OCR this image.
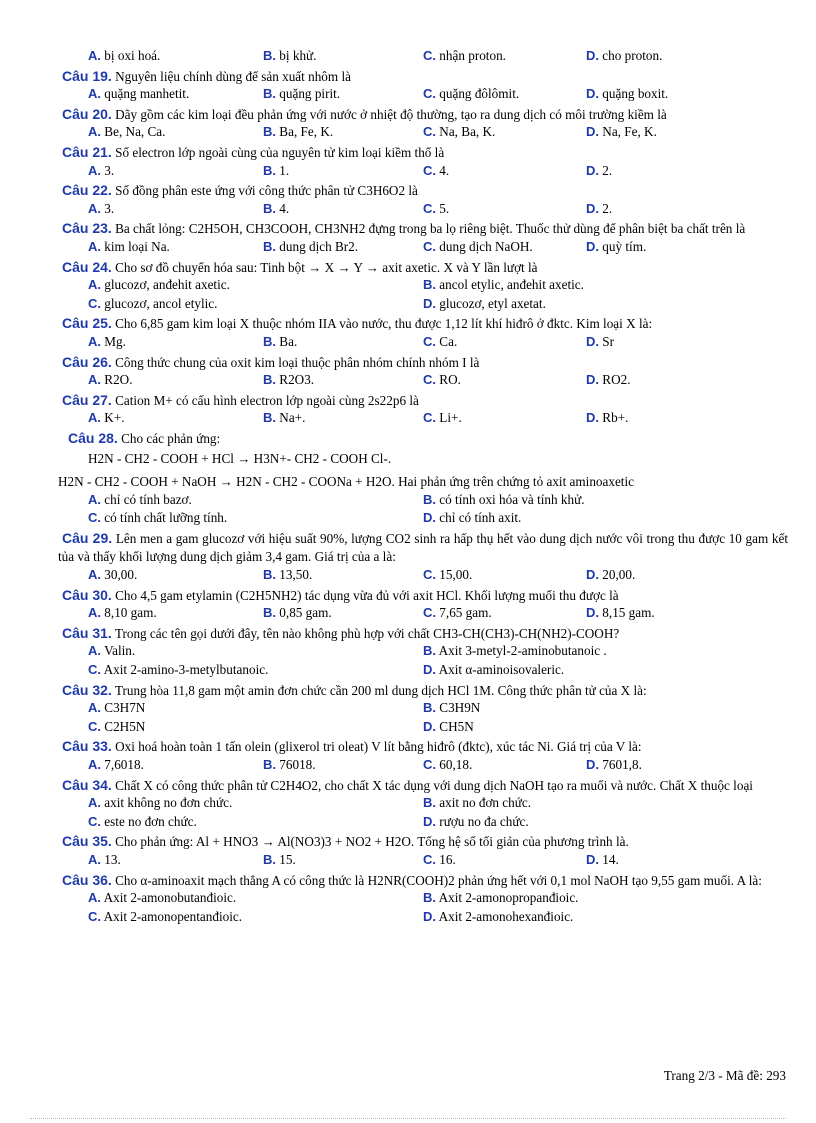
A. bị oxi hoá.	B. bị khử.	C. nhận proton.	D. cho proton.
Câu 19. Nguyên liệu chính dùng để sản xuất nhôm là
A. quặng manhetit.	B. quặng pirit.	C. quặng đôlômit.	D. quặng boxit.
Câu 20. Dãy gồm các kim loại đều phản ứng với nước ở nhiệt độ thường, tạo ra dung dịch có môi trường kiềm là
A. Be, Na, Ca.	B. Ba, Fe, K.	C. Na, Ba, K.	D. Na, Fe, K.
Câu 21. Số electron lớp ngoài cùng của nguyên tử kim loại kiềm thổ là
A. 3.	B. 1.	C. 4.	D. 2.
Câu 22. Số đồng phân este ứng với công thức phân tử C3H6O2 là
A. 3.	B. 4.	C. 5.	D. 2.
Câu 23. Ba chất lỏng: C2H5OH, CH3COOH, CH3NH2 đựng trong ba lọ riêng biệt. Thuốc thử dùng để phân biệt ba chất trên là
A. kim loại Na.	B. dung dịch Br2.	C. dung dịch NaOH.	D. quỳ tím.
Câu 24. Cho sơ đồ chuyển hóa sau: Tinh bột → X → Y → axit axetic. X và Y lần lượt là
A. glucozơ, anđehit axetic.	B. ancol etylic, anđehit axetic.
C. glucozơ, ancol etylic.	D. glucozơ, etyl axetat.
Câu 25. Cho 6,85 gam kim loại X thuộc nhóm IIA vào nước, thu được 1,12 lít khí hiđrô ở đktc. Kim loại X là:
A. Mg.	B. Ba.	C. Ca.	D. Sr
Câu 26. Công thức chung của oxit kim loại thuộc phân nhóm chính nhóm I là
A. R2O.	B. R2O3.	C. RO.	D. RO2.
Câu 27. Cation M+ có cấu hình electron lớp ngoài cùng 2s22p6 là
A. K+.	B. Na+.	C. Li+.	D. Rb+.
Câu 28. Cho các phản ứng:
H2N - CH2 - COOH + HCl → H3N+- CH2 - COOH Cl-.
H2N - CH2 - COOH + NaOH → H2N - CH2 - COONa + H2O. Hai phản ứng trên chứng tỏ axit aminoaxetic
A. chỉ có tính bazơ.	B. có tính oxi hóa và tính khử.
C. có tính chất lưỡng tính.	D. chỉ có tính axit.
Câu 29. Lên men a gam glucozơ với hiệu suất 90%, lượng CO2 sinh ra hấp thụ hết vào dung dịch nước vôi trong thu được 10 gam kết tủa và thấy khối lượng dung dịch giảm 3,4 gam. Giá trị của a là:
A. 30,00.	B. 13,50.	C. 15,00.	D. 20,00.
Câu 30. Cho 4,5 gam etylamin (C2H5NH2) tác dụng vừa đủ với axit HCl. Khối lượng muối thu được là
A. 8,10 gam.	B. 0,85 gam.	C. 7,65 gam.	D. 8,15 gam.
Câu 31. Trong các tên gọi dưới đây, tên nào không phù hợp với chất CH3-CH(CH3)-CH(NH2)-COOH?
A. Valin.	B. Axit 3-metyl-2-aminobutanoic .
C. Axit 2-amino-3-metylbutanoic.	D. Axit α-aminoisovaleric.
Câu 32. Trung hòa 11,8 gam một amin đơn chức cần 200 ml dung dịch HCl 1M. Công thức phân tử của X là:
A. C3H7N	B. C3H9N
C. C2H5N	D. CH5N
Câu 33. Oxi hoá hoàn toàn 1 tấn olein (glixerol tri oleat) V lít bằng hiđrô (đktc), xúc tác Ni. Giá trị của V là:
A. 7,6018.	B. 76018.	C. 60,18.	D. 7601,8.
Câu 34. Chất X có công thức phân tử C2H4O2, cho chất X tác dụng với dung dịch NaOH tạo ra muối và nước. Chất X thuộc loại
A. axit không no đơn chức.	B. axit no đơn chức.
C. este no đơn chức.	D. rượu no đa chức.
Câu 35. Cho phản ứng: Al + HNO3 → Al(NO3)3 + NO2 + H2O. Tổng hệ số tối giản của phương trình là.
A. 13.	B. 15.	C. 16.	D. 14.
Câu 36. Cho α-aminoaxit mạch thẳng A có công thức là H2NR(COOH)2 phản ứng hết với 0,1 mol NaOH tạo 9,55 gam muối. A là:
A. Axit 2-amonobutanđioic.	B. Axit 2-amonopropanđioic.
C. Axit 2-amonopentanđioic.	D. Axit 2-amonohexanđioic.
Trang 2/3 - Mã đề: 293
